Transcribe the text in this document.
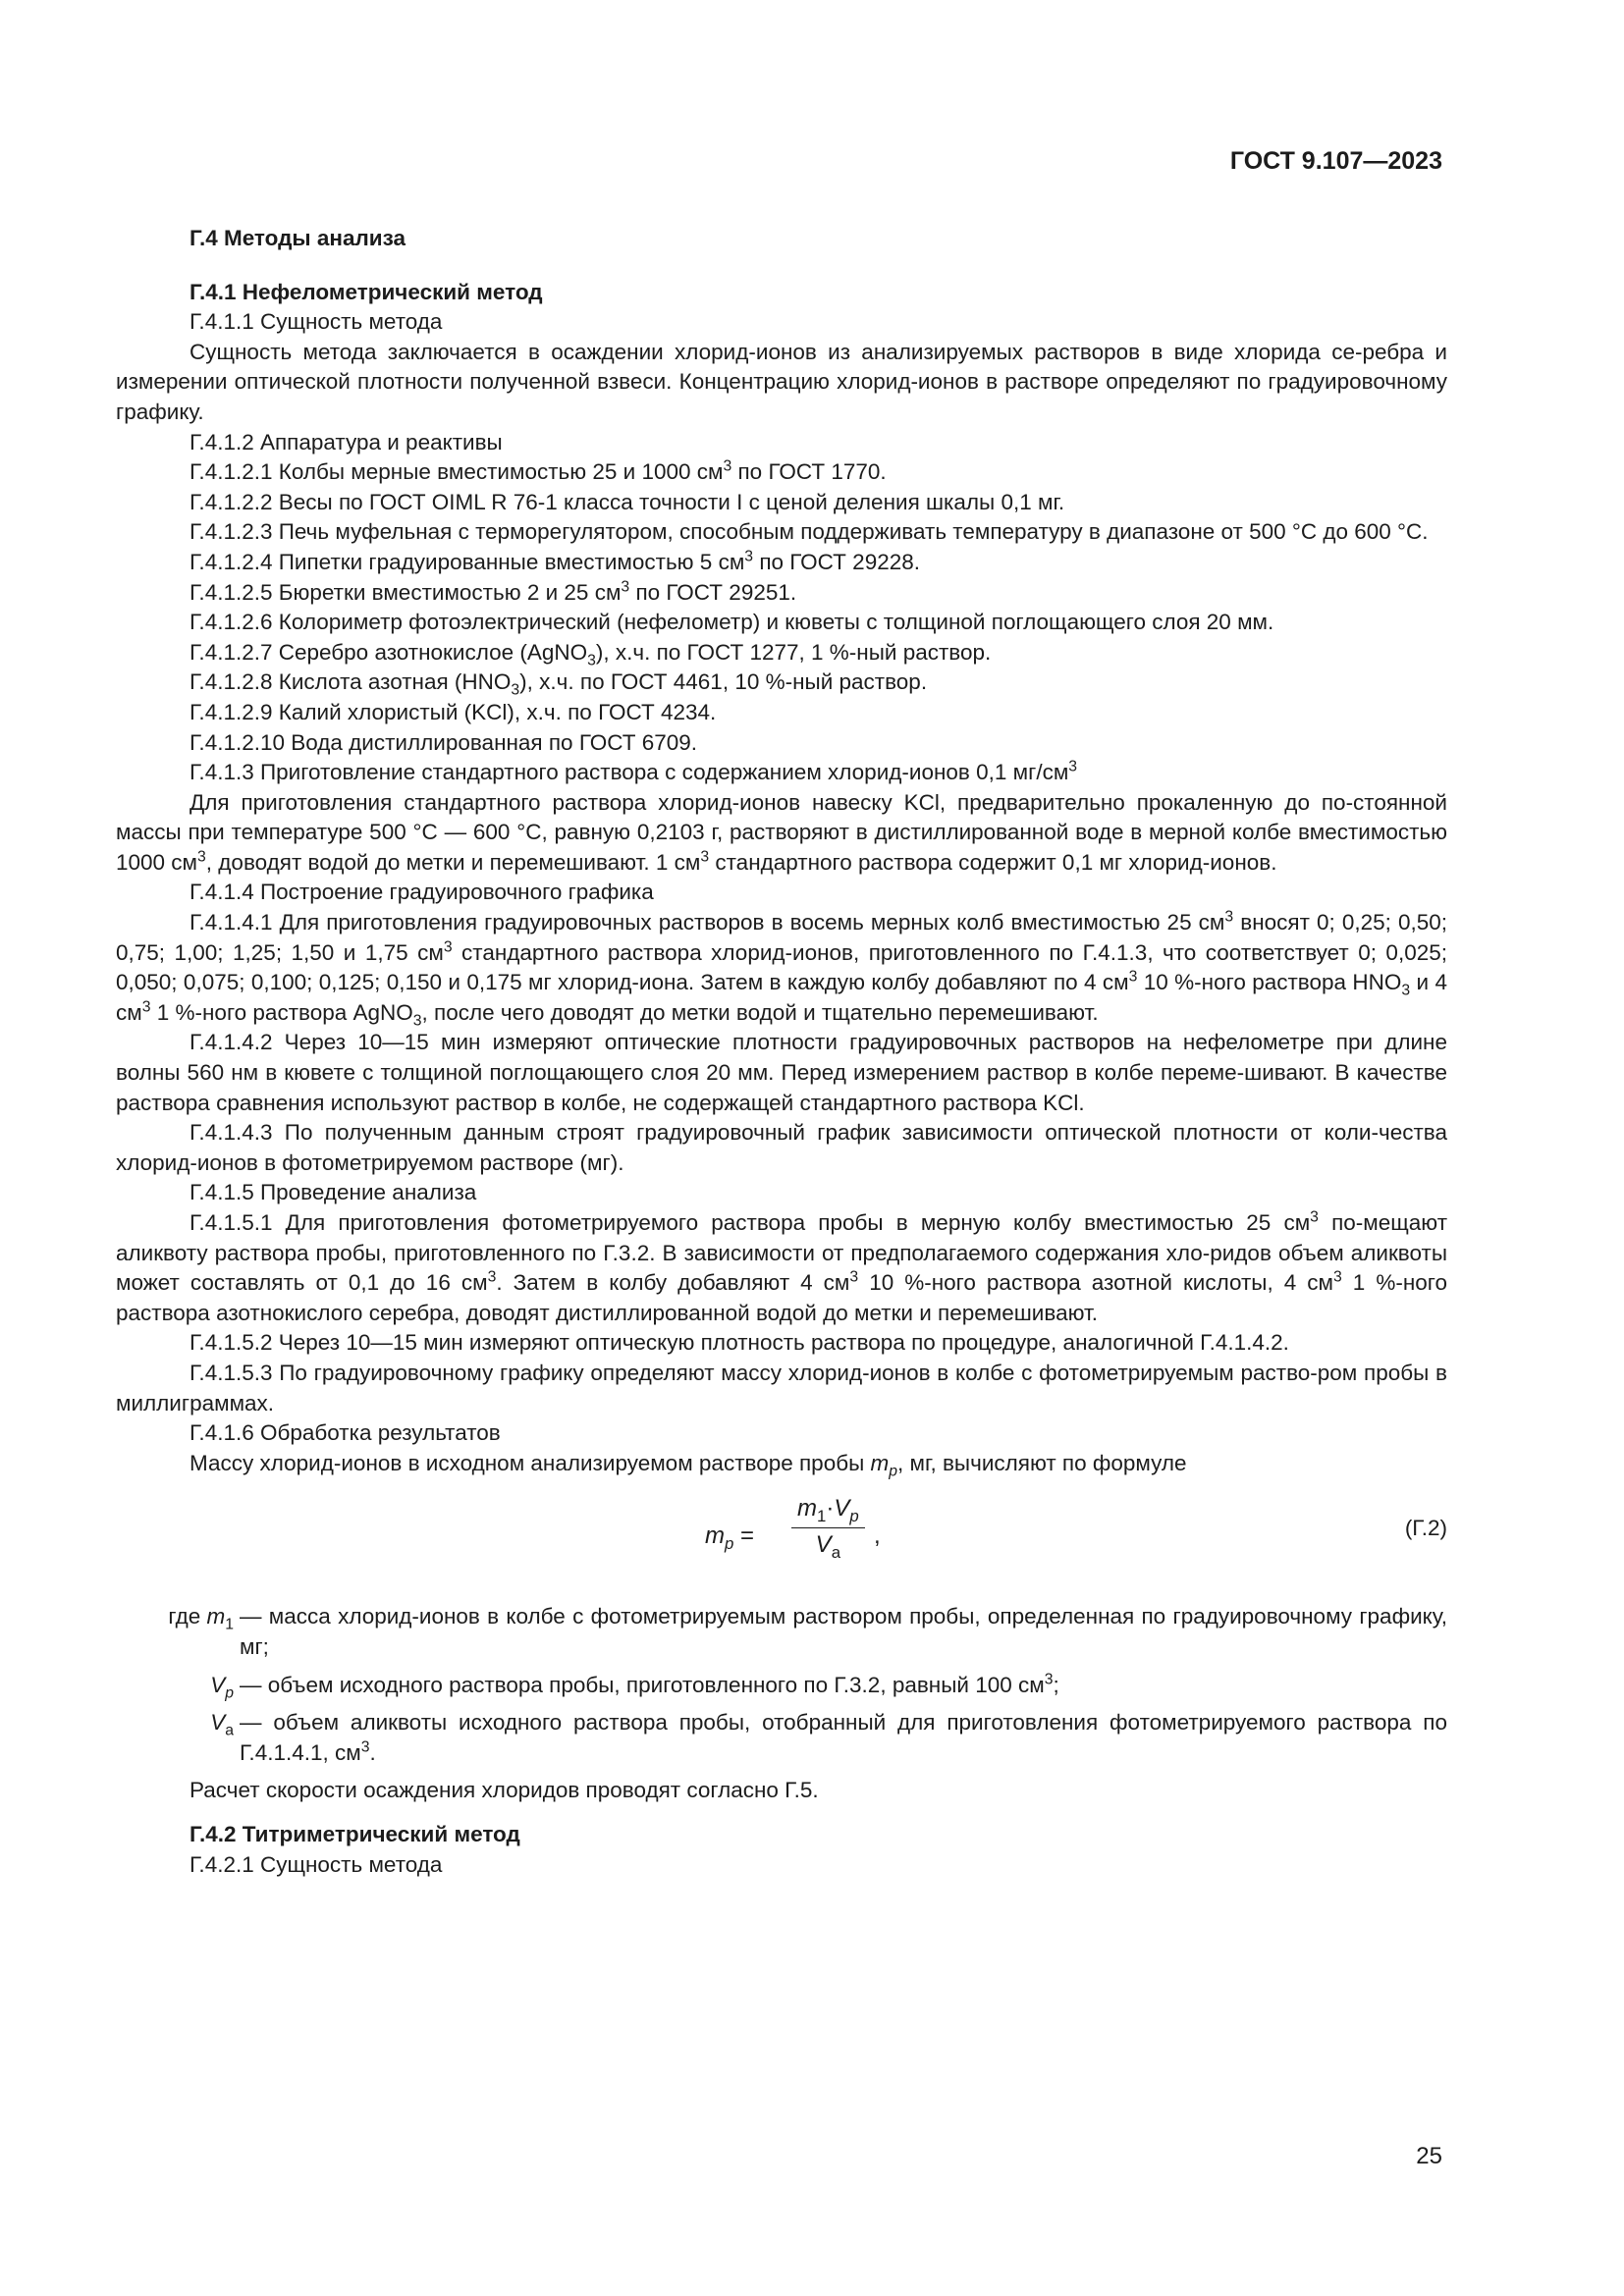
ГОСТ 9.107—2023

Г.4 Методы анализа

Г.4.1 Нефелометрический метод

Г.4.1.1 Сущность метода

Сущность метода заключается в осаждении хлорид-ионов из анализируемых растворов в виде хлорида се-ребра и измерении оптической плотности полученной взвеси. Концентрацию хлорид-ионов в растворе определяют по градуировочному графику.

Г.4.1.2 Аппаратура и реактивы

Г.4.1.2.1 Колбы мерные вместимостью 25 и 1000 $см^3$ по ГОСТ 1770.

Г.4.1.2.2 Весы по ГОСТ OIML R 76-1 класса точности I с ценой деления шкалы 0,1 мг.

Г.4.1.2.3 Печь муфельная с терморегулятором, способным поддерживать температуру в диапазоне от 500 °С до 600 °С.

Г.4.1.2.4 Пипетки градуированные вместимостью 5 $см^3$ по ГОСТ 29228.

Г.4.1.2.5 Бюретки вместимостью 2 и 25 $см^3$ по ГОСТ 29251.

Г.4.1.2.6 Колориметр фотоэлектрический (нефелометр) и кюветы с толщиной поглощающего слоя 20 мм.

Г.4.1.2.7 Серебро азотнокислое (AgNO$_3$), х.ч. по ГОСТ 1277, 1 %-ный раствор.

Г.4.1.2.8 Кислота азотная $(HNO_3)$, х.ч. по ГОСТ 4461, 10 %-ный раствор.

Г.4.1.2.9 Калий хлористый (KCl), х.ч. по ГОСТ 4234.

Г.4.1.2.10 Вода дистиллированная по ГОСТ 6709.

Г.4.1.3 Приготовление стандартного раствора с содержанием хлорид-ионов 0,1 $мг/см^3$

Для приготовления стандартного раствора хлорид-ионов навеску KCl, предварительно прокаленную до по-стоянной массы при температуре 500 °С — 600 °С, равную 0,2103 г, растворяют в дистиллированной воде в мерной колбе вместимостью 1000 $см^3$, доводят водой до метки и перемешивают. 1 $см^3$ стандартного раствора содержит 0,1 мг хлорид-ионов.

Г.4.1.4 Построение градуировочного графика

Г.4.1.4.1 Для приготовления градуировочных растворов в восемь мерных колб вместимостью 25 $см^3$ вносят 0; 0,25; 0,50; 0,75; 1,00; 1,25; 1,50 и 1,75 $см^3$ стандартного раствора хлорид-ионов, приготовленного по Г.4.1.3, что соответствует 0; 0,025; 0,050; 0,075; 0,100; 0,125; 0,150 и 0,175 мг хлорид-иона. Затем в каждую колбу добавляют по 4 $см^3$ 10 %-ного раствора $HNO_3$ и 4 $см^3$ 1 %-ного раствора AgNO$_3$, после чего доводят до метки водой и тщательно перемешивают.

Г.4.1.4.2 Через 10—15 мин измеряют оптические плотности градуировочных растворов на нефелометре при длине волны 560 нм в кювете с толщиной поглощающего слоя 20 мм. Перед измерением раствор в колбе переме-шивают. В качестве раствора сравнения используют раствор в колбе, не содержащей стандартного раствора KCl.

Г.4.1.4.3 По полученным данным строят градуировочный график зависимости оптической плотности от коли-чества хлорид-ионов в фотометрируемом растворе (мг).

Г.4.1.5 Проведение анализа

Г.4.1.5.1 Для приготовления фотометрируемого раствора пробы в мерную колбу вместимостью 25 $см^3$ по-мещают аликвоту раствора пробы, приготовленного по Г.3.2. В зависимости от предполагаемого содержания хло-ридов объем аликвоты может составлять от 0,1 до 16 $см^3$. Затем в колбу добавляют 4 $см^3$ 10 %-ного раствора азотной кислоты, 4 $см^3$ 1 %-ного раствора азотнокислого серебра, доводят дистиллированной водой до метки и перемешивают.

Г.4.1.5.2 Через 10—15 мин измеряют оптическую плотность раствора по процедуре, аналогичной Г.4.1.4.2.

Г.4.1.5.3 По градуировочному графику определяют массу хлорид-ионов в колбе с фотометрируемым раство-ром пробы в миллиграммах.

Г.4.1.6 Обработка результатов

Массу хлорид-ионов в исходном анализируемом растворе пробы $m_p$, мг, вычисляют по формуле

$m_p$ =
$m_1\cdot V_p$
$V_a$
,	(Г.2)
где $m_1$ — масса хлорид-ионов в колбе с фотометрируемым раствором пробы, определенная по градуировочному графику, мг;
$V_p$ — объем исходного раствора пробы, приготовленного по Г.3.2, равный 100 $см^3$;
$V_a$ — объем аликвоты исходного раствора пробы, отобранный для приготовления фотометрируемого раствора по Г.4.1.4.1, $см^3$.

Расчет скорости осаждения хлоридов проводят согласно Г.5.

Г.4.2 Титриметрический метод

Г.4.2.1 Сущность метода

25
